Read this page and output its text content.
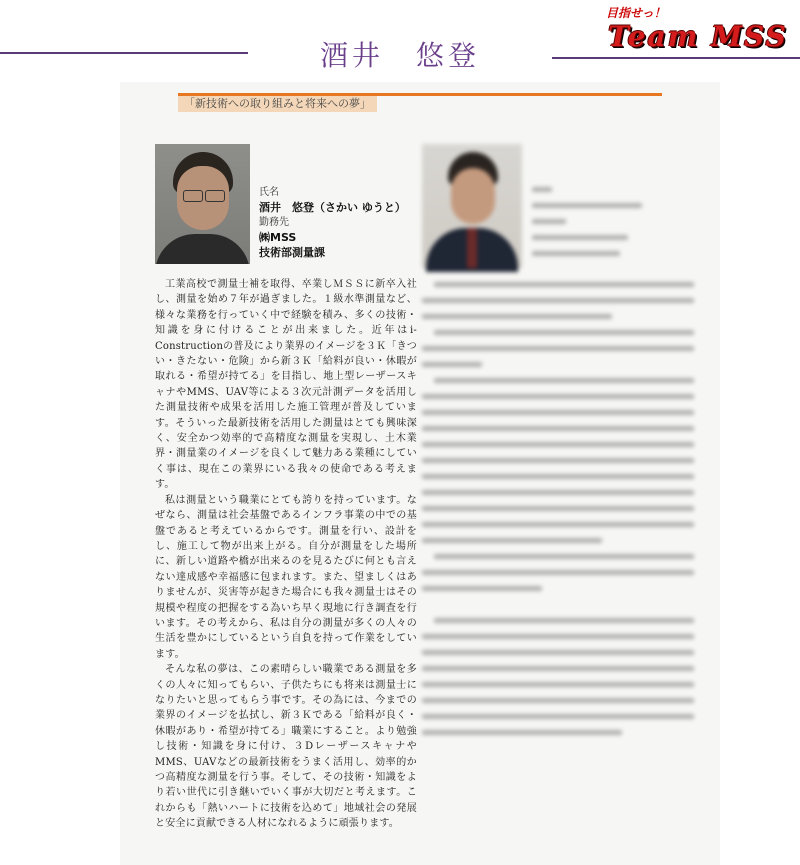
酒井　悠登
目指せっ！
Team MSS
「新技術への取り組みと将来への夢」
氏名
酒井　悠登（さかい ゆうと）
勤務先
㈱MSS
技術部測量課

工業高校で測量士補を取得、卒業しＭＳＳに新卒入社し、測量を始め７年が過ぎました。１級水準測量など、様々な業務を行っていく中で経験を積み、多くの技術・知識を身に付けることが出来ました。近年はi-Constructionの普及により業界のイメージを３Ｋ「きつい・きたない・危険」から新３Ｋ「給料が良い・休暇が取れる・希望が持てる」を目指し、地上型レーザースキャナやMMS、UAV等による３次元計測データを活用した測量技術や成果を活用した施工管理が普及しています。そういった最新技術を活用した測量はとても興味深く、安全かつ効率的で高精度な測量を実現し、土木業界・測量業のイメージを良くして魅力ある業種にしていく事は、現在この業界にいる我々の使命である考えます。

私は測量という職業にとても誇りを持っています。なぜなら、測量は社会基盤であるインフラ事業の中での基盤であると考えているからです。測量を行い、設計をし、施工して物が出来上がる。自分が測量をした場所に、新しい道路や橋が出来るのを見るたびに何とも言えない達成感や幸福感に包まれます。また、望ましくはありませんが、災害等が起きた場合にも我々測量士はその規模や程度の把握をする為いち早く現地に行き調査を行います。その考えから、私は自分の測量が多くの人々の生活を豊かにしているという自負を持って作業をしています。

そんな私の夢は、この素晴らしい職業である測量を多くの人々に知ってもらい、子供たちにも将来は測量士になりたいと思ってもらう事です。その為には、今までの業界のイメージを払拭し、新３Ｋである「給料が良く・休暇があり・希望が持てる」職業にすること。より勉強し技術・知識を身に付け、３DレーザースキャナやMMS、UAVなどの最新技術をうまく活用し、効率的かつ高精度な測量を行う事。そして、その技術・知識をより若い世代に引き継いでいく事が大切だと考えます。これからも「熱いハートに技術を込めて」地域社会の発展と安全に貢献できる人材になれるように頑張ります。
